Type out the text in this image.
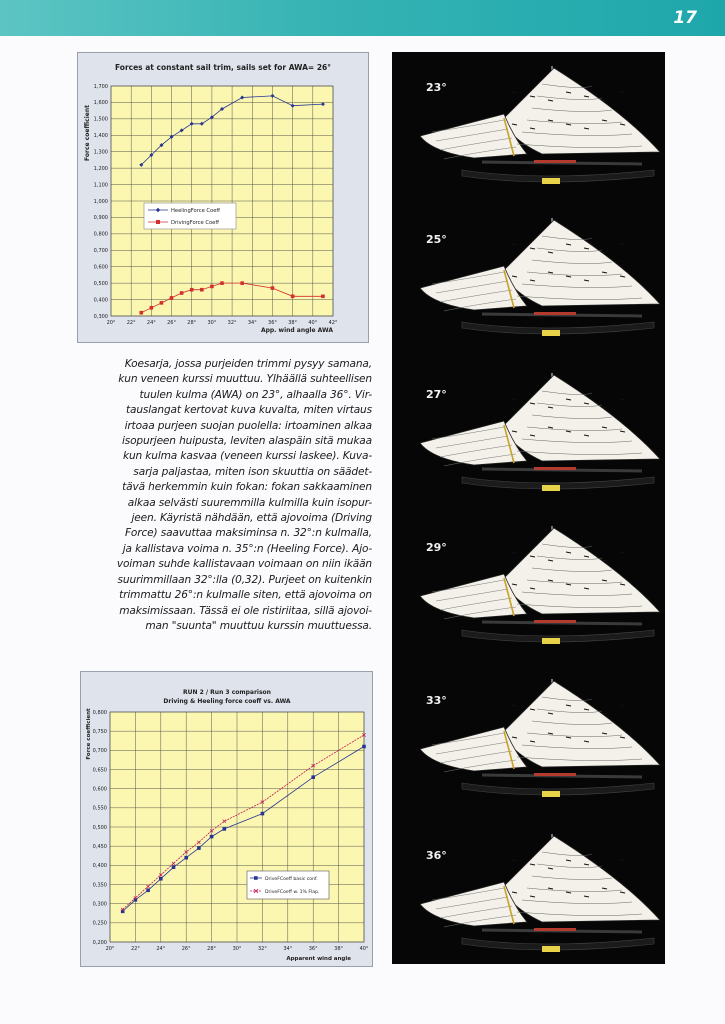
17
Forces at constant sail trim, sails set for AWA= 26°
Force coefficient
App. wind angle AWA
20° 22° 24° 26° 28° 30° 32° 34° 36° 38° 40° 42°
0,300
0,400
0,500
0,600
0,700
0,800
0,900
1,000
1,100
1,200
1,300
1,400
1,500
1,600
1,700
HeelingForce Coeff
DrivingForce Coeff
Koesarja, jossa purjeiden trimmi pysyy samana,
kun veneen kurssi muuttuu. Ylhäällä suhteellisen
tuulen kulma (AWA) on 23°, alhaalla 36°. Vir-
tauslangat kertovat kuva kuvalta, miten virtaus
irtoaa purjeen suojan puolella: irtoaminen alkaa
isopurjeen huipusta, leviten alaspäin sitä mukaa
kun kulma kasvaa (veneen kurssi laskee). Kuva-
sarja paljastaa, miten ison skuuttia on säädet-
tävä herkemmin kuin fokan: fokan sakkaaminen
alkaa selvästi suuremmilla kulmilla kuin isopur-
jeen. Käyristä nähdään, että ajovoima (Driving
Force) saavuttaa maksiminsa n. 32°:n kulmalla,
ja kallistava voima n. 35°:n (Heeling Force). Ajo-
voiman suhde kallistavaan voimaan on niin ikään
suurimmillaan 32°:lla (0,32). Purjeet on kuitenkin
trimmattu 26°:n kulmalle siten, että ajovoima on
maksimissaan. Tässä ei ole ristiriitaa, sillä ajovoi-
man "suunta" muuttuu kurssin muuttuessa.
RUN 2 / Run 3 comparison
Driving & Heeling force coeff vs. AWA
Force coefficient
Apparent wind angle
20°	22°	24°	26°	28°	30°	32°	34°	36°	38°	40°
0,200
0,250
0,300
0,350
0,400
0,450
0,500
0,550
0,600
0,650
0,700
0,750
0,800
DriveFCoeff basic conf.
DriveFCoeff w. 1% Flap.
23°
25°
27°
29°
33°
36°
